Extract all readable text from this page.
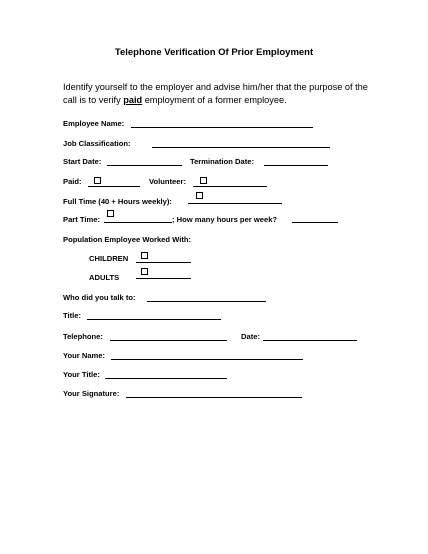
Telephone Verification Of Prior Employment
Identify yourself to the employer and advise him/her that the purpose of the call is to verify paid employment of a former employee.
Employee Name:
Job Classification:
Start Date:	Termination Date:
Paid:	Volunteer:
Full Time (40 + Hours weekly):
Part Time:	; How many hours per week?
Population Employee Worked With:
CHILDREN
ADULTS
Who did you talk to:
Title:
Telephone:	Date:
Your Name:
Your Title:
Your Signature:
